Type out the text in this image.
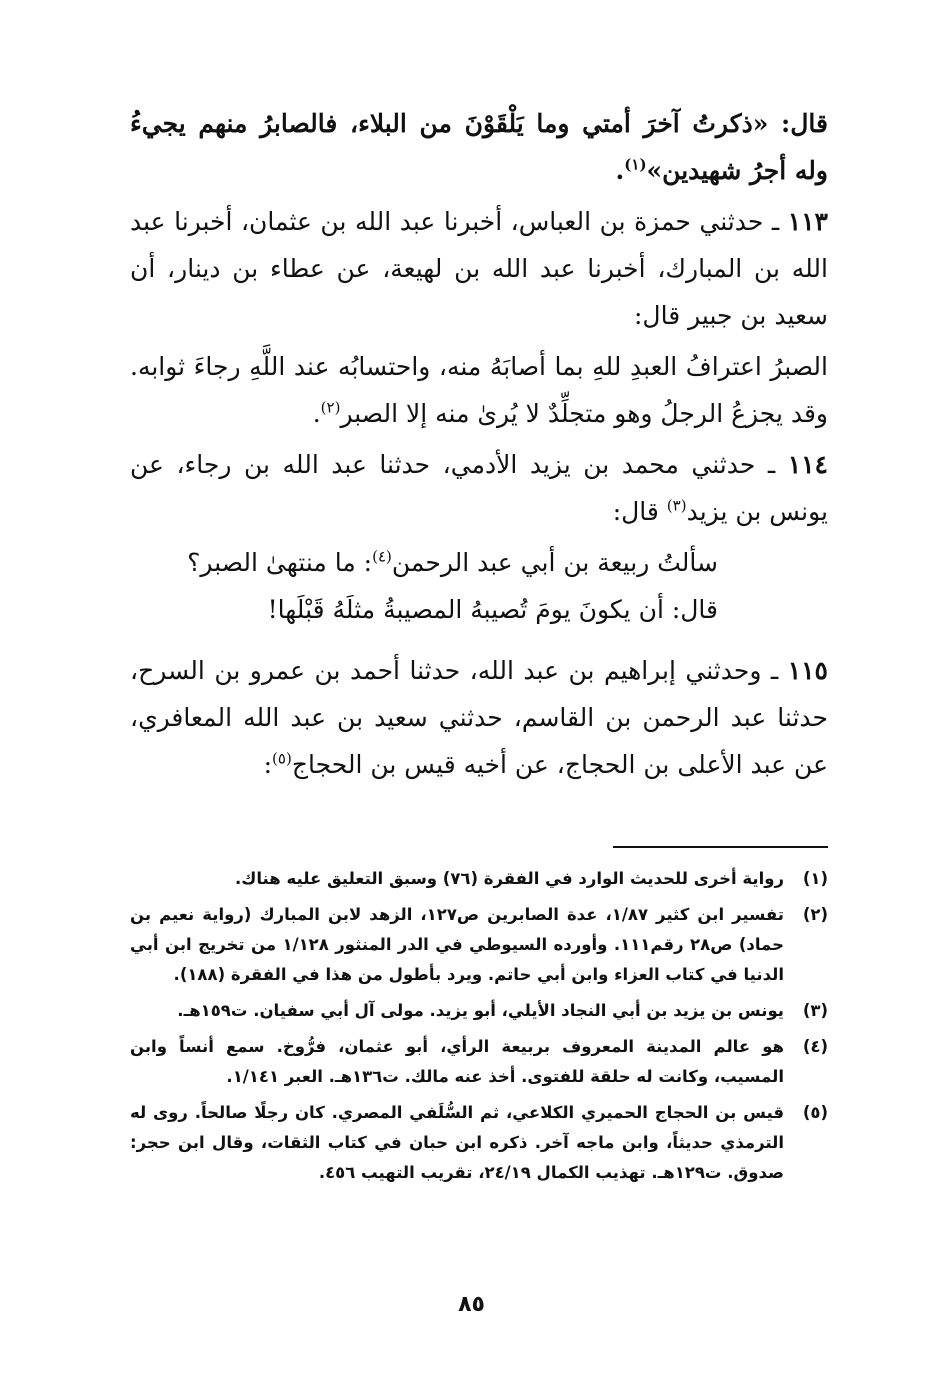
قال: «ذكرتُ آخرَ أمتي وما يَلْقَوْنَ من البلاء، فالصابرُ منهم يجيءُ وله أجرُ شهيدين»$^{(١)}$.

١١٣ ـ حدثني حمزة بن العباس، أخبرنا عبد الله بن عثمان، أخبرنا عبد الله بن المبارك، أخبرنا عبد الله بن لهيعة، عن عطاء بن دينار، أن سعيد بن جبير قال:

الصبرُ اعترافُ العبدِ للهِ بما أصابَهُ منه، واحتسابُه عند اللَّهِ رجاءَ ثوابه. وقد يجزعُ الرجلُ وهو متجلِّدٌ لا يُرىٰ منه إلا الصبر$^{(٢)}$.

١١٤ ـ حدثني محمد بن يزيد الأدمي، حدثنا عبد الله بن رجاء، عن يونس بن يزيد$^{(٣)}$ قال:

سألتُ ربيعة بن أبي عبد الرحمن$^{(٤)}$: ما منتهىٰ الصبر؟

قال: أن يكونَ يومَ تُصيبهُ المصيبةُ مثلَهُ قَبْلَها!

١١٥ ـ وحدثني إبراهيم بن عبد الله، حدثنا أحمد بن عمرو بن السرح، حدثنا عبد الرحمن بن القاسم، حدثني سعيد بن عبد الله المعافري، عن عبد الأعلى بن الحجاج، عن أخيه قيس بن الحجاج$^{(٥)}$:

(١)
رواية أخرى للحديث الوارد في الفقرة (٧٦) وسبق التعليق عليه هناك.
(٢)
تفسير ابن كثير ١/٨٧، عدة الصابرين ص١٢٧، الزهد لابن المبارك (رواية نعيم بن حماد) ص٢٨ رقم١١١. وأورده السيوطي في الدر المنثور ١/١٢٨ من تخريج ابن أبي الدنيا في كتاب العزاء وابن أبي حاتم. ويرد بأطول من هذا في الفقرة (١٨٨).
(٣)
يونس بن يزيد بن أبي النجاد الأيلي، أبو يزيد. مولى آل أبي سفيان. ت١٥٩هـ.
(٤)
هو عالم المدينة المعروف بربيعة الرأي، أبو عثمان، فرُّوخ. سمع أنساً وابن المسيب، وكانت له حلقة للفتوى. أخذ عنه مالك. ت١٣٦هـ. العبر ١/١٤١.
(٥)
قيس بن الحجاج الحميري الكلاعي، ثم السُّلَفي المصري. كان رجلًا صالحاً. روى له الترمذي حديثاً، وابن ماجه آخر. ذكره ابن حبان في كتاب الثقات، وقال ابن حجر: صدوق. ت١٢٩هـ. تهذيب الكمال ٢٤/١٩، تقريب التهيب ٤٥٦.
٨٥
